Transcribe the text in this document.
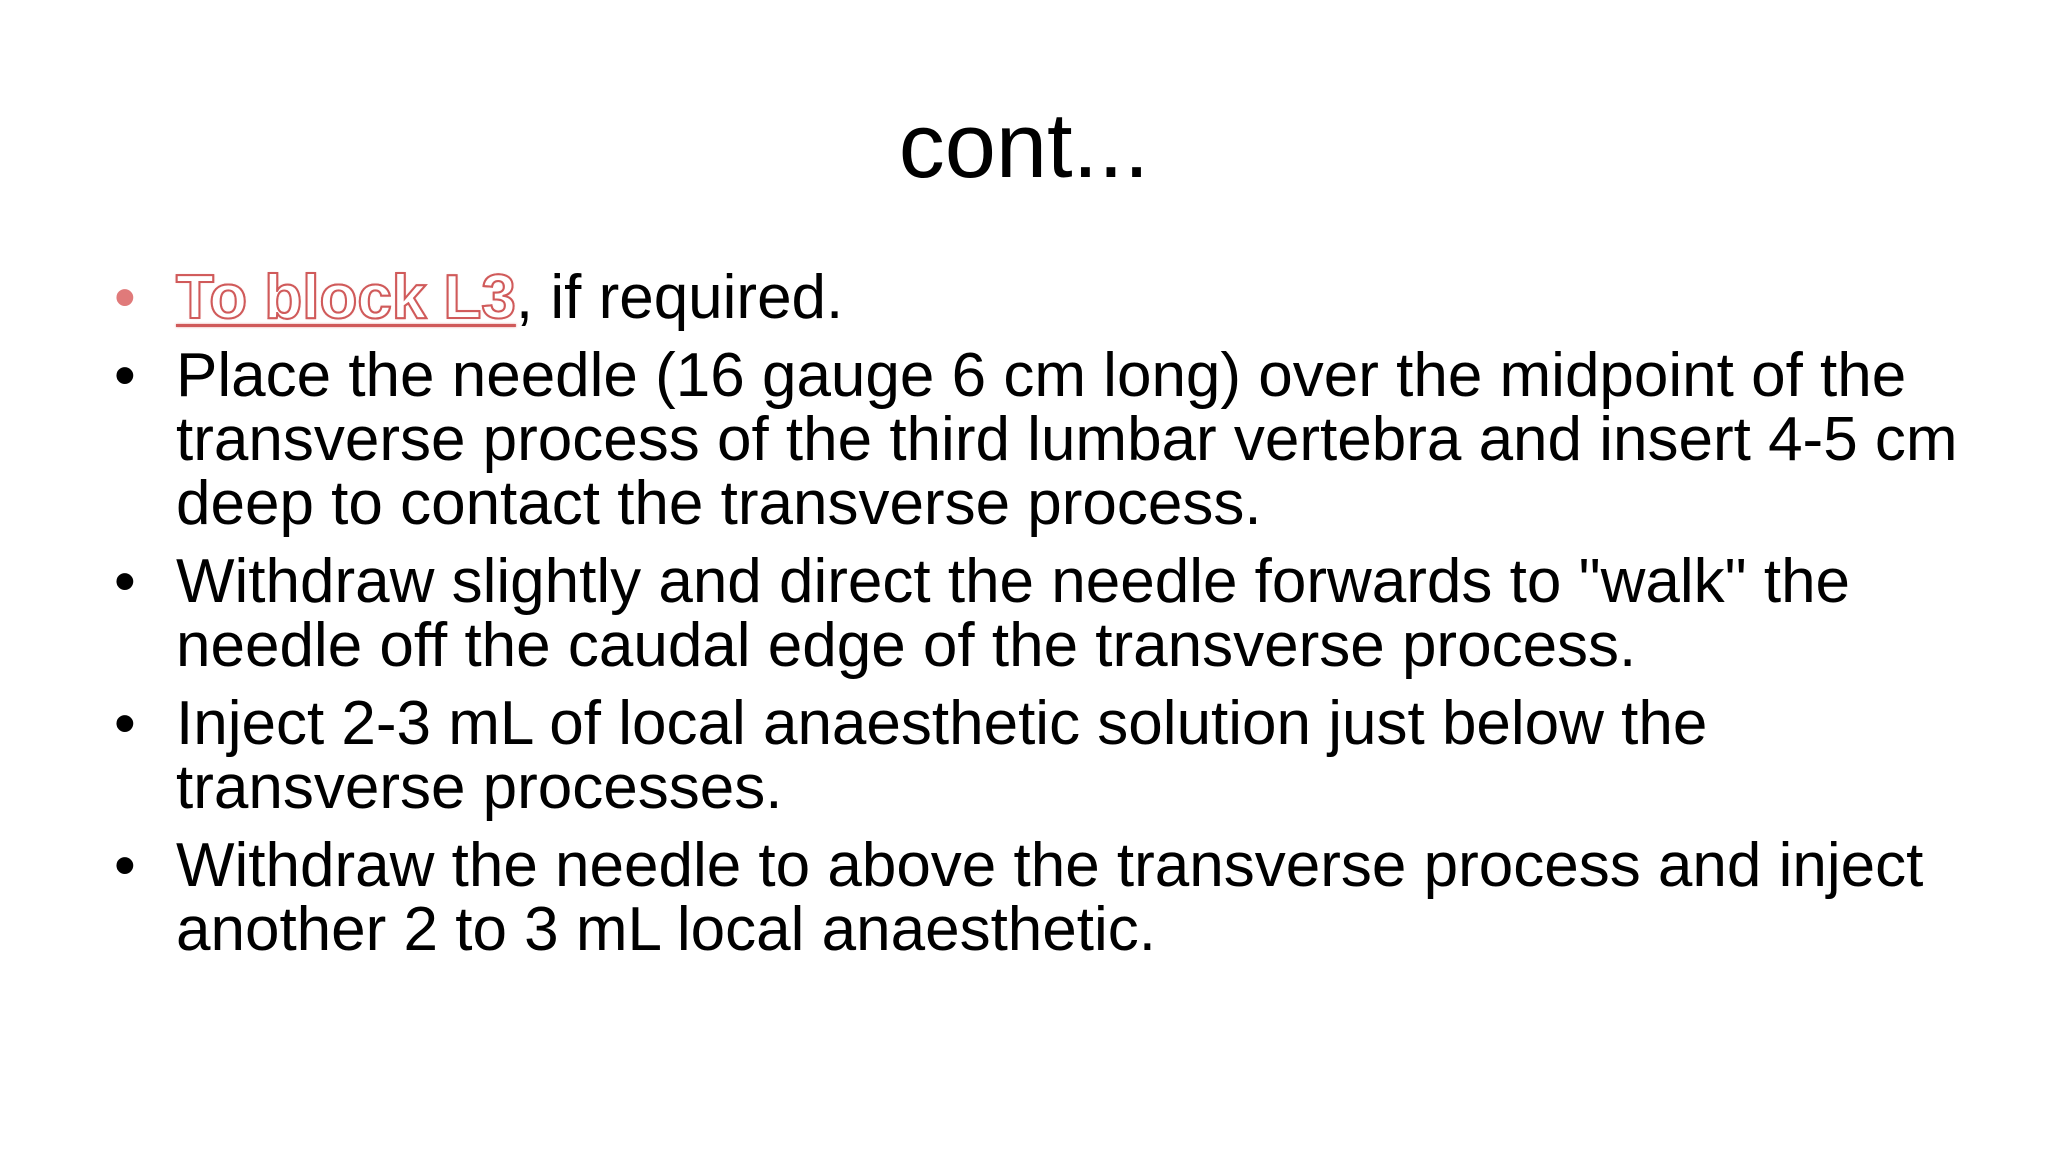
cont...
• To block L3, if required.
• Place the needle (16 gauge 6 cm long) over the midpoint of the transverse process of the third lumbar vertebra and insert 4-5 cm deep to contact the transverse process.
• Withdraw slightly and direct the needle forwards to "walk" the needle off the caudal edge of the transverse process.
• Inject 2-3 mL of local anaesthetic solution just below the transverse processes.
• Withdraw the needle to above the transverse process and inject another 2 to 3 mL local anaesthetic.
